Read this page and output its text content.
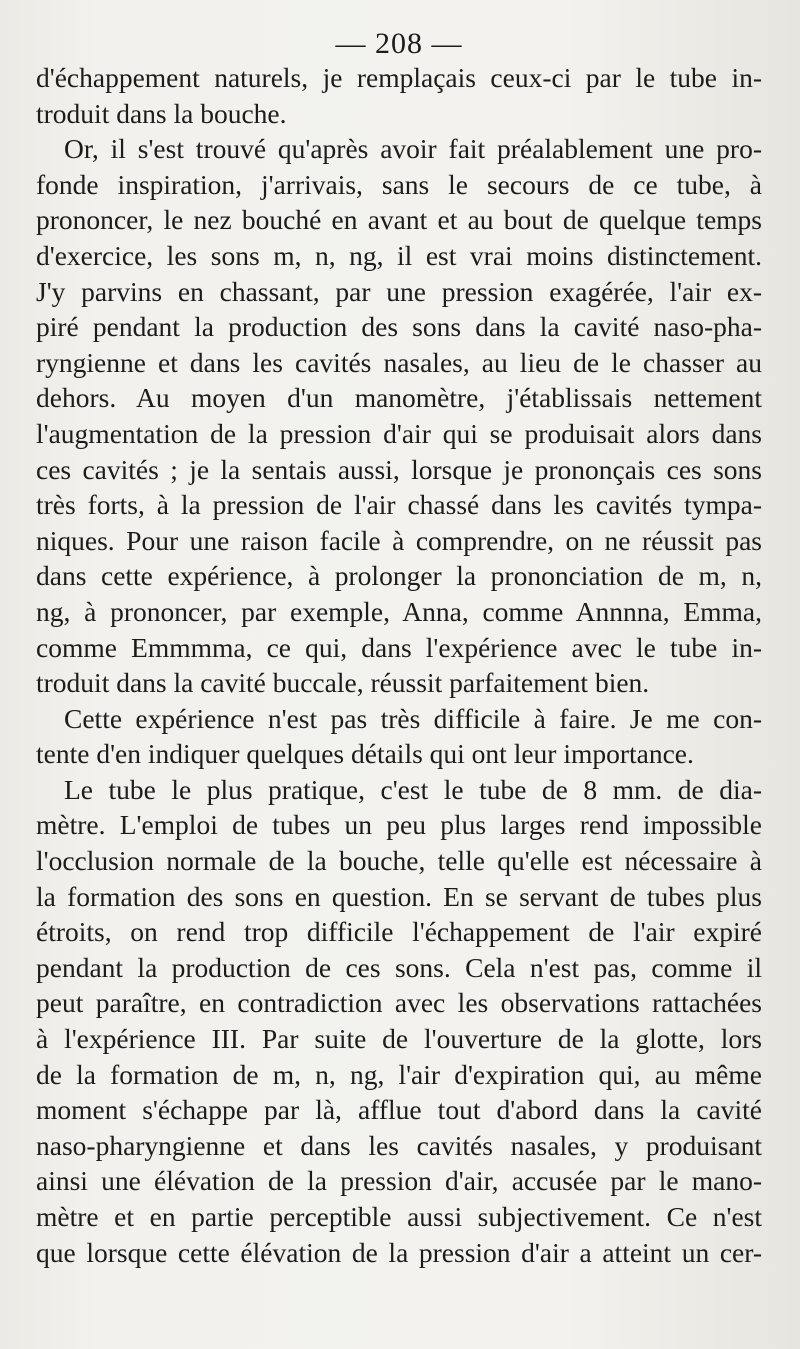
— 208 —
d'échappement naturels, je remplaçais ceux-ci par le tube in-
troduit dans la bouche.
Or, il s'est trouvé qu'après avoir fait préalablement une pro-
fonde inspiration, j'arrivais, sans le secours de ce tube, à
prononcer, le nez bouché en avant et au bout de quelque temps
d'exercice, les sons m, n, ng, il est vrai moins distinctement.
J'y parvins en chassant, par une pression exagérée, l'air ex-
piré pendant la production des sons dans la cavité naso-pha-
ryngienne et dans les cavités nasales, au lieu de le chasser au
dehors. Au moyen d'un manomètre, j'établissais nettement
l'augmentation de la pression d'air qui se produisait alors dans
ces cavités ; je la sentais aussi, lorsque je prononçais ces sons
très forts, à la pression de l'air chassé dans les cavités tympa-
niques. Pour une raison facile à comprendre, on ne réussit pas
dans cette expérience, à prolonger la prononciation de m, n,
ng, à prononcer, par exemple, Anna, comme Annnna, Emma,
comme Emmmma, ce qui, dans l'expérience avec le tube in-
troduit dans la cavité buccale, réussit parfaitement bien.
Cette expérience n'est pas très difficile à faire. Je me con-
tente d'en indiquer quelques détails qui ont leur importance.
Le tube le plus pratique, c'est le tube de 8 mm. de dia-
mètre. L'emploi de tubes un peu plus larges rend impossible
l'occlusion normale de la bouche, telle qu'elle est nécessaire à
la formation des sons en question. En se servant de tubes plus
étroits, on rend trop difficile l'échappement de l'air expiré
pendant la production de ces sons. Cela n'est pas, comme il
peut paraître, en contradiction avec les observations rattachées
à l'expérience III. Par suite de l'ouverture de la glotte, lors
de la formation de m, n, ng, l'air d'expiration qui, au même
moment s'échappe par là, afflue tout d'abord dans la cavité
naso-pharyngienne et dans les cavités nasales, y produisant
ainsi une élévation de la pression d'air, accusée par le mano-
mètre et en partie perceptible aussi subjectivement. Ce n'est
que lorsque cette élévation de la pression d'air a atteint un cer-
